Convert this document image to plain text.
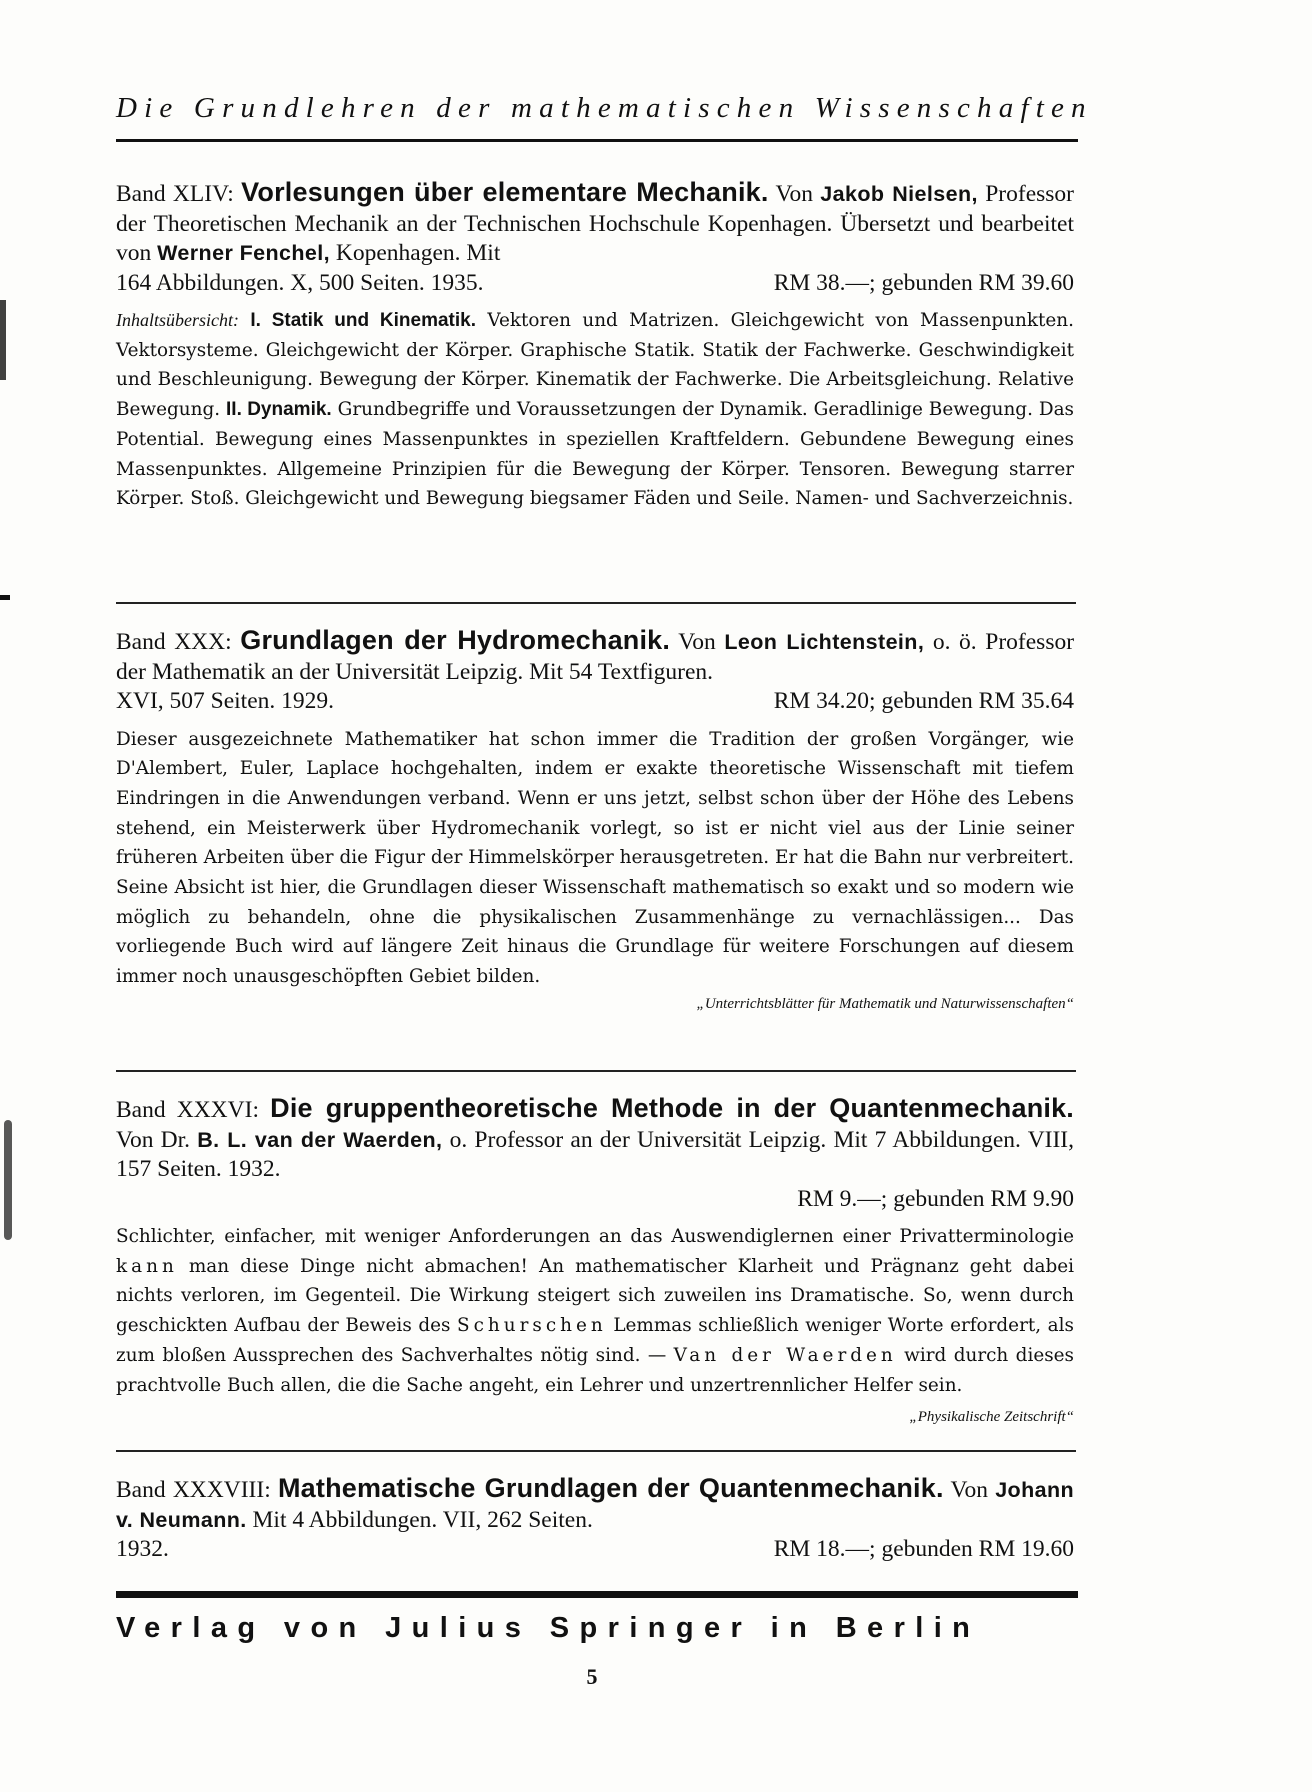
Die Grundlehren der mathematischen Wissenschaften
Band XLIV: Vorlesungen über elementare Mechanik. Von Jakob Nielsen, Professor der Theoretischen Mechanik an der Technischen Hochschule Kopenhagen. Übersetzt und bearbeitet von Werner Fenchel, Kopenhagen. Mit
164 Abbildungen. X, 500 Seiten. 1935.	RM 38.—; gebunden RM 39.60
Inhaltsübersicht: I. Statik und Kinematik. Vektoren und Matrizen. Gleichgewicht von Massenpunkten. Vektorsysteme. Gleichgewicht der Körper. Graphische Statik. Statik der Fachwerke. Geschwindigkeit und Beschleunigung. Bewegung der Körper. Kinematik der Fachwerke. Die Arbeitsgleichung. Relative Bewegung. II. Dynamik. Grundbegriffe und Voraussetzungen der Dynamik. Geradlinige Bewegung. Das Potential. Bewegung eines Massenpunktes in speziellen Kraftfeldern. Gebundene Bewegung eines Massenpunktes. Allgemeine Prinzipien für die Bewegung der Körper. Tensoren. Bewegung starrer Körper. Stoß. Gleichgewicht und Bewegung biegsamer Fäden und Seile. Namen- und Sachverzeichnis.
Band XXX: Grundlagen der Hydromechanik. Von Leon Lichtenstein, o. ö. Professor der Mathematik an der Universität Leipzig. Mit 54 Textfiguren.
XVI, 507 Seiten. 1929.	RM 34.20; gebunden RM 35.64
Dieser ausgezeichnete Mathematiker hat schon immer die Tradition der großen Vorgänger, wie D'Alembert, Euler, Laplace hochgehalten, indem er exakte theoretische Wissenschaft mit tiefem Eindringen in die Anwendungen verband. Wenn er uns jetzt, selbst schon über der Höhe des Lebens stehend, ein Meisterwerk über Hydromechanik vorlegt, so ist er nicht viel aus der Linie seiner früheren Arbeiten über die Figur der Himmelskörper herausgetreten. Er hat die Bahn nur verbreitert. Seine Absicht ist hier, die Grundlagen dieser Wissenschaft mathematisch so exakt und so modern wie möglich zu behandeln, ohne die physikalischen Zusammenhänge zu vernachlässigen... Das vorliegende Buch wird auf längere Zeit hinaus die Grundlage für weitere Forschungen auf diesem immer noch unausgeschöpften Gebiet bilden.
„Unterrichtsblätter für Mathematik und Naturwissenschaften“
Band XXXVI: Die gruppentheoretische Methode in der Quantenmechanik. Von Dr. B. L. van der Waerden, o. Professor an der Universität Leipzig. Mit 7 Abbildungen. VIII, 157 Seiten. 1932.
RM 9.—; gebunden RM 9.90
Schlichter, einfacher, mit weniger Anforderungen an das Auswendiglernen einer Privatterminologie kann man diese Dinge nicht abmachen! An mathematischer Klarheit und Prägnanz geht dabei nichts verloren, im Gegenteil. Die Wirkung steigert sich zuweilen ins Dramatische. So, wenn durch geschickten Aufbau der Beweis des Schurschen Lemmas schließlich weniger Worte erfordert, als zum bloßen Aussprechen des Sachverhaltes nötig sind. — Van der Waerden wird durch dieses prachtvolle Buch allen, die die Sache angeht, ein Lehrer und unzertrennlicher Helfer sein.
„Physikalische Zeitschrift“
Band XXXVIII: Mathematische Grundlagen der Quantenmechanik. Von Johann v. Neumann. Mit 4 Abbildungen. VII, 262 Seiten.
1932.	RM 18.—; gebunden RM 19.60
Verlag von Julius Springer in Berlin
5
